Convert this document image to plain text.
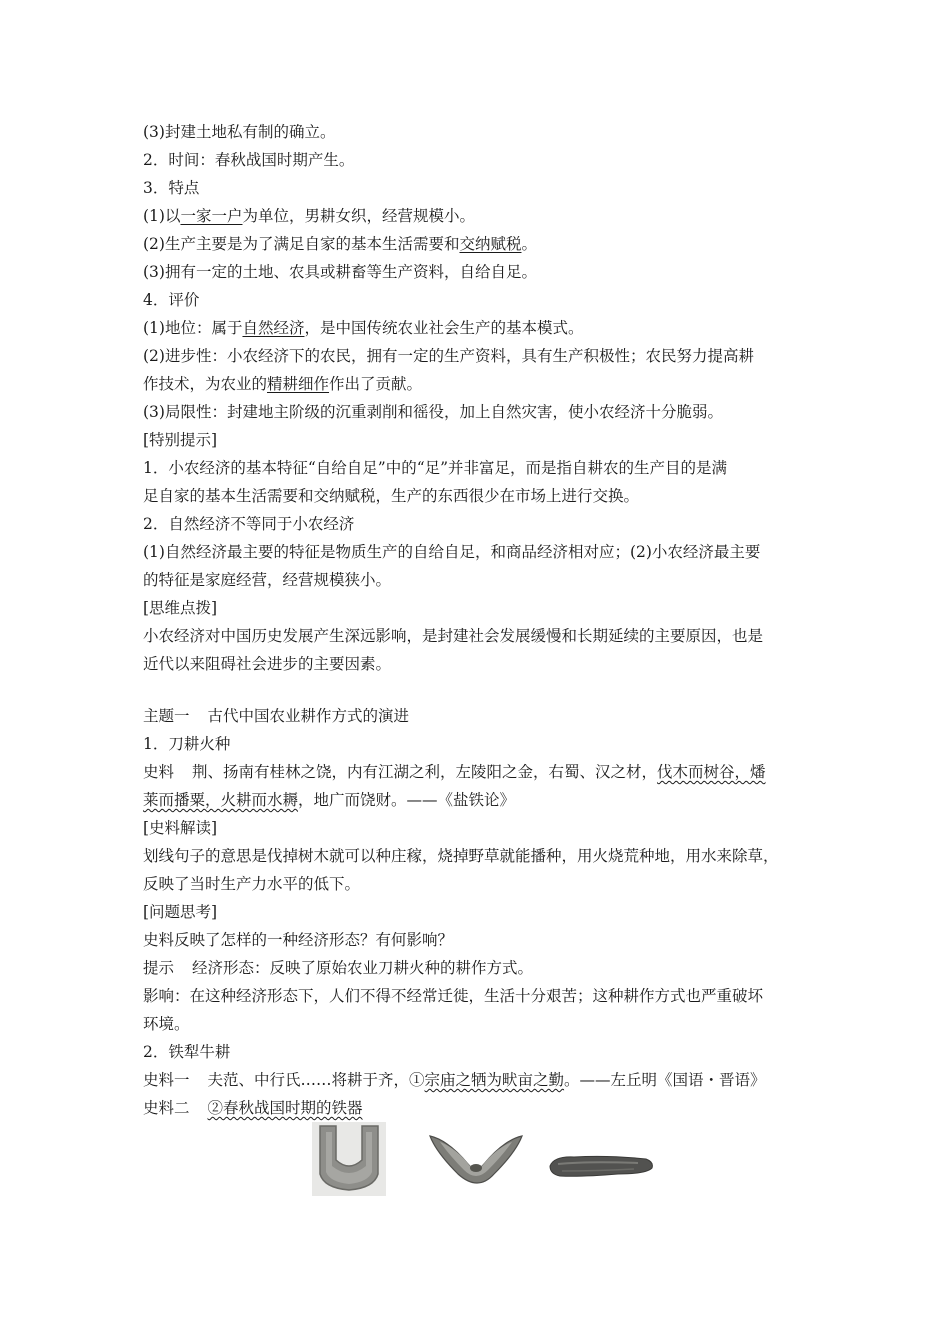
(3)封建土地私有制的确立。
2．时间：春秋战国时期产生。
3．特点
(1)以一家一户为单位，男耕女织，经营规模小。
(2)生产主要是为了满足自家的基本生活需要和交纳赋税。
(3)拥有一定的土地、农具或耕畜等生产资料，自给自足。
4．评价
(1)地位：属于自然经济，是中国传统农业社会生产的基本模式。
(2)进步性：小农经济下的农民，拥有一定的生产资料，具有生产积极性；农民努力提高耕
作技术，为农业的精耕细作作出了贡献。
(3)局限性：封建地主阶级的沉重剥削和徭役，加上自然灾害，使小农经济十分脆弱。
[特别提示]
1．小农经济的基本特征“自给自足”中的“足”并非富足，而是指自耕农的生产目的是满
足自家的基本生活需要和交纳赋税，生产的东西很少在市场上进行交换。
2．自然经济不等同于小农经济
(1)自然经济最主要的特征是物质生产的自给自足，和商品经济相对应；(2)小农经济最主要
的特征是家庭经营，经营规模狭小。
[思维点拨]
小农经济对中国历史发展产生深远影响，是封建社会发展缓慢和长期延续的主要原因，也是
近代以来阻碍社会进步的主要因素。
主题一 古代中国农业耕作方式的演进
1．刀耕火种
史料 荆、扬南有桂林之饶，内有江湖之利，左陵阳之金，右蜀、汉之材，伐木而树谷，燔
莱而播粟，火耕而水耨，地广而饶财。——《盐铁论》
[史料解读]
划线句子的意思是伐掉树木就可以种庄稼，烧掉野草就能播种，用火烧荒种地，用水来除草，
反映了当时生产力水平的低下。
[问题思考]
史料反映了怎样的一种经济形态？有何影响？
提示 经济形态：反映了原始农业刀耕火种的耕作方式。
影响：在这种经济形态下，人们不得不经常迁徙，生活十分艰苦；这种耕作方式也严重破坏
环境。
2．铁犁牛耕
史料一 夫范、中行氏……将耕于齐，①宗庙之牺为畎亩之勤。——左丘明《国语・晋语》
史料二 ②春秋战国时期的铁器
